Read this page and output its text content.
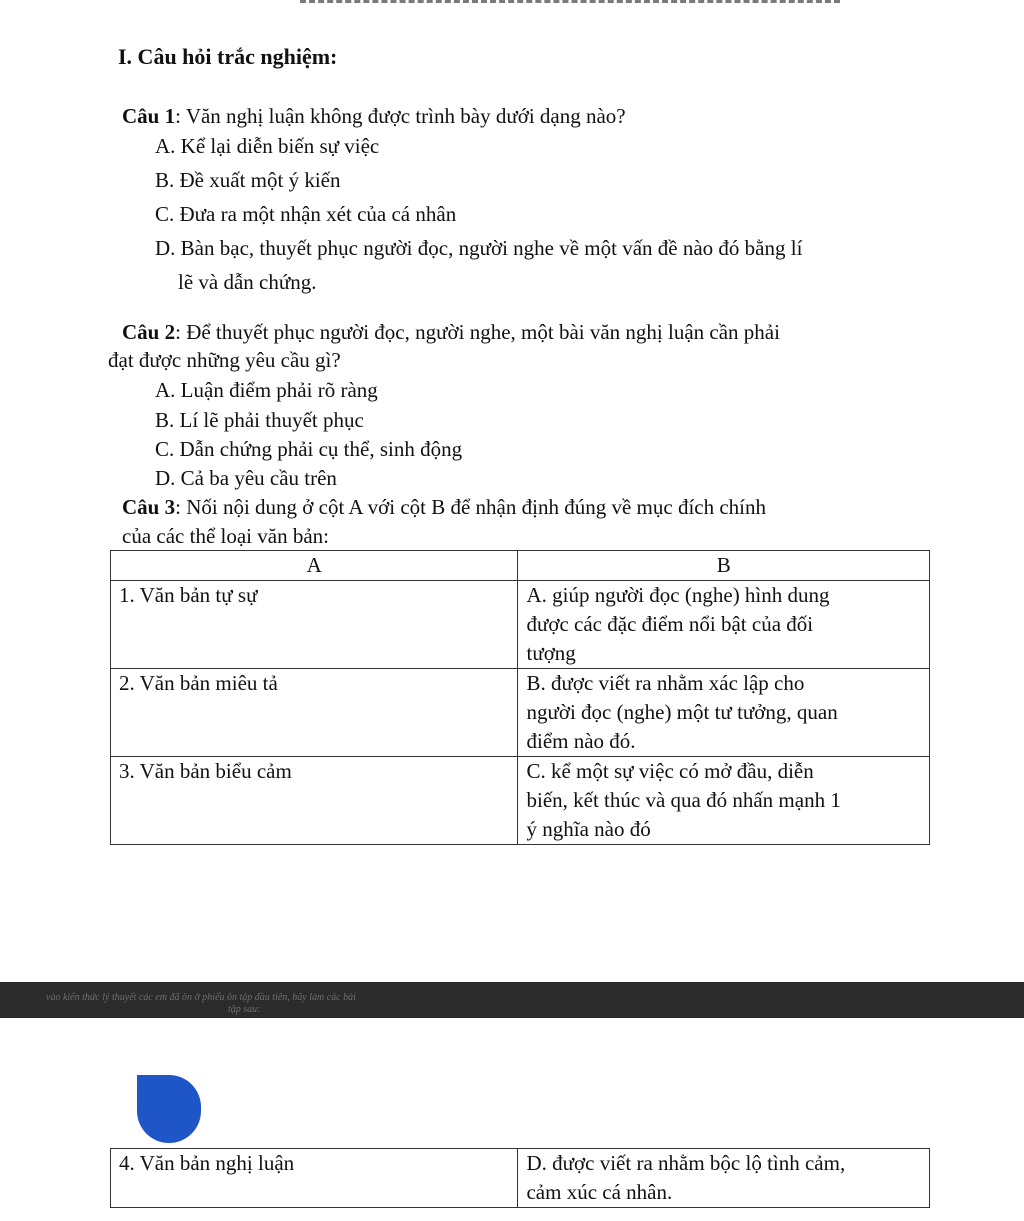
I. Câu hỏi trắc nghiệm:
Câu 1: Văn nghị luận không được trình bày dưới dạng nào?
A. Kể lại diễn biến sự việc
B. Đề xuất một ý kiến
C. Đưa ra một nhận xét của cá nhân
D. Bàn bạc, thuyết phục người đọc, người nghe về một vấn đề nào đó bằng lí
lẽ và dẫn chứng.
Câu 2: Để thuyết phục người đọc, người nghe, một bài văn nghị luận cần phải
đạt được những yêu cầu gì?
A. Luận điểm phải rõ ràng
B. Lí lẽ phải thuyết phục
C. Dẫn chứng phải cụ thể, sinh động
D. Cả ba yêu cầu trên
Câu 3: Nối nội dung ở cột A với cột B để nhận định đúng về mục đích chính
của các thể loại văn bản:
A	B
1. Văn bản tự sự	A. giúp người đọc (nghe) hình dung
được các đặc điểm nổi bật của đối
tượng

2. Văn bản miêu tả	B. được viết ra nhằm xác lập cho
người đọc (nghe) một tư tưởng, quan
điểm nào đó.

3. Văn bản biểu cảm	C. kể một sự việc có mở đầu, diễn
biến, kết thúc và qua đó nhấn mạnh 1
ý nghĩa nào đó
vào kiến thức lý thuyết các em đã ôn ở phiếu ôn tập đầu tiên, hãy làm các bài
tập sau:
4. Văn bản nghị luận	D. được viết ra nhằm bộc lộ tình cảm,
cảm xúc cá nhân.
